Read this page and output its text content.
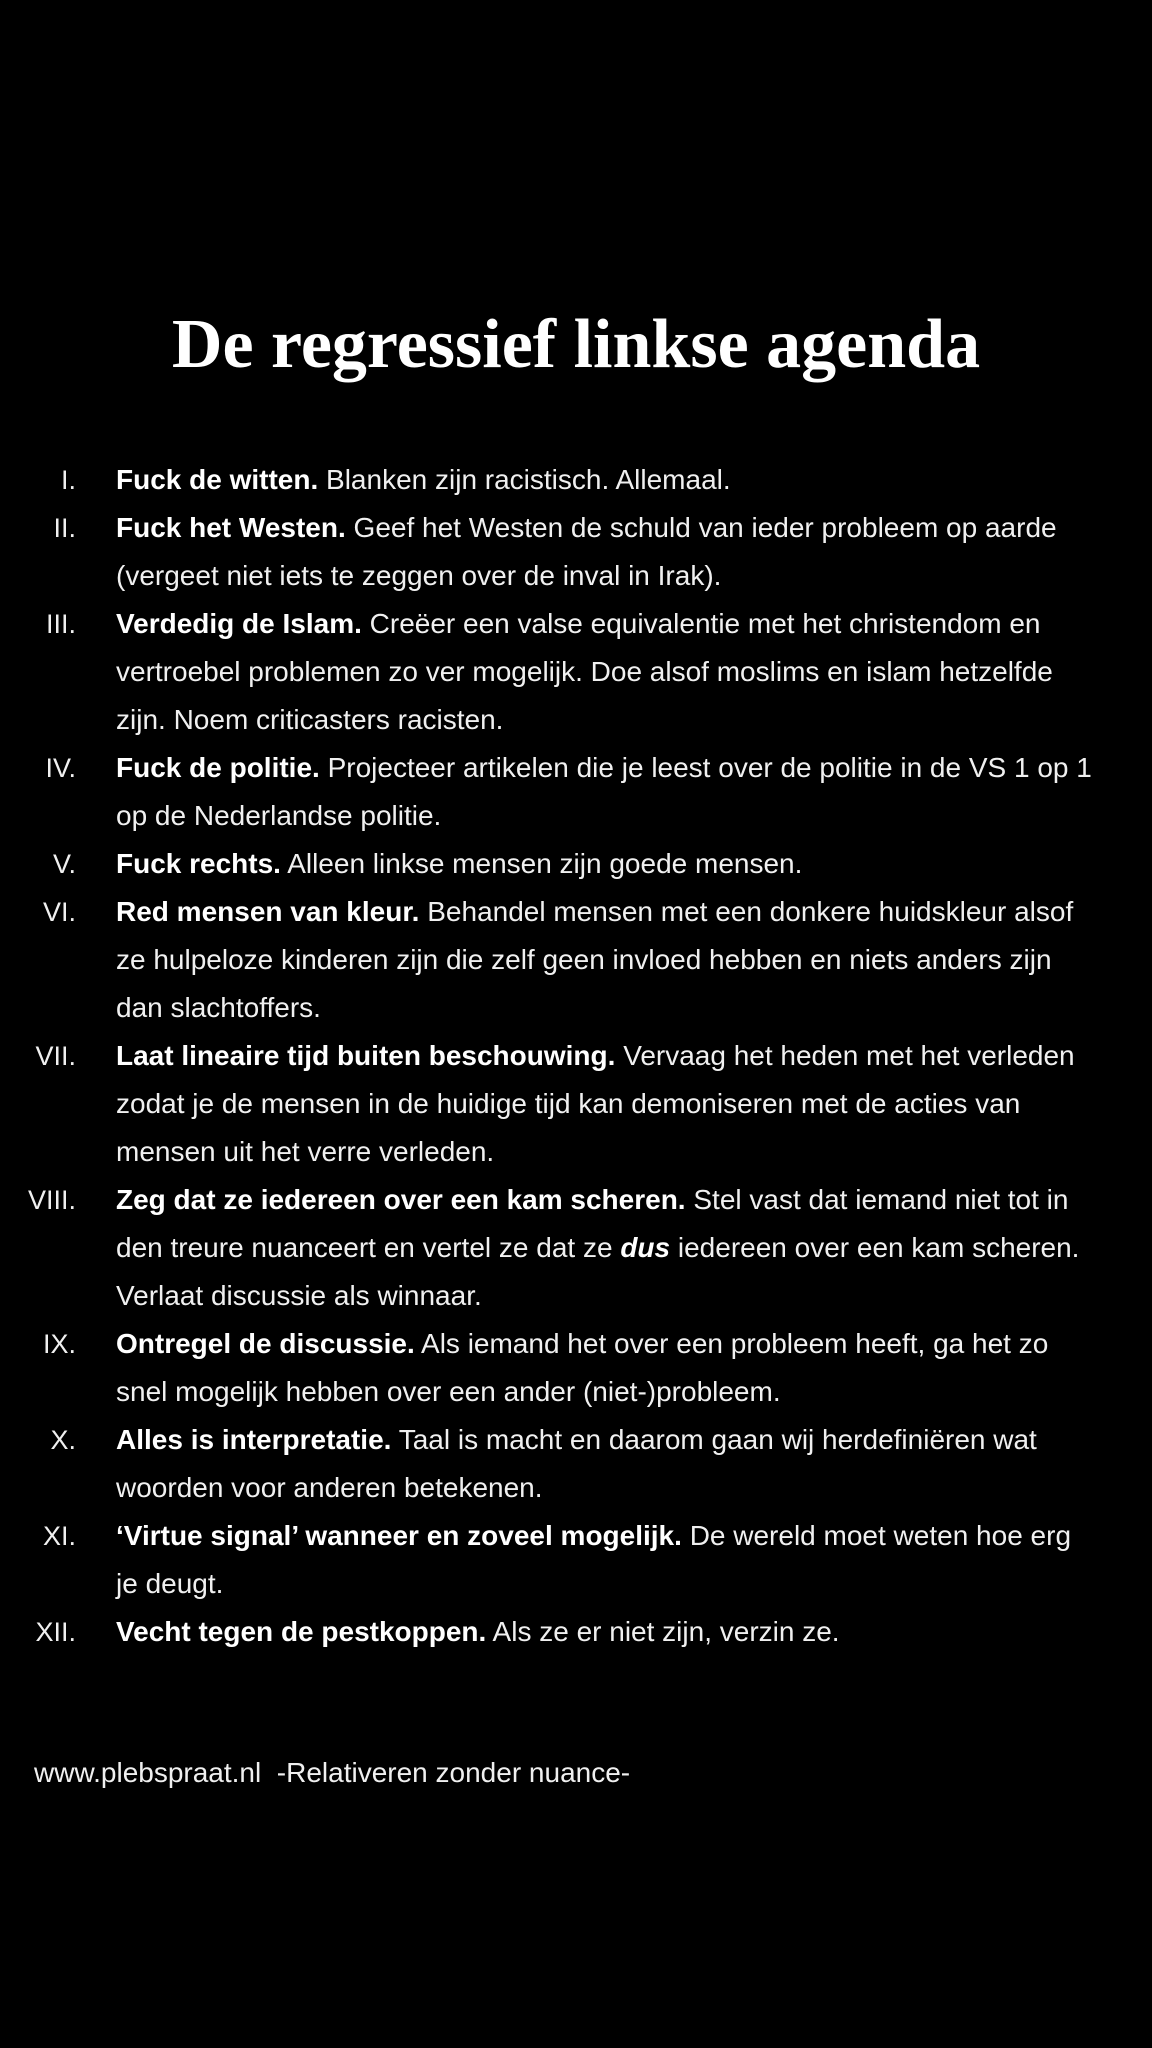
De regressief linkse agenda
I. Fuck de witten. Blanken zijn racistisch. Allemaal.
II. Fuck het Westen. Geef het Westen de schuld van ieder probleem op aarde (vergeet niet iets te zeggen over de inval in Irak).
III. Verdedig de Islam. Creëer een valse equivalentie met het christendom en vertroebel problemen zo ver mogelijk. Doe alsof moslims en islam hetzelfde zijn. Noem criticasters racisten.
IV. Fuck de politie. Projecteer artikelen die je leest over de politie in de VS 1 op 1 op de Nederlandse politie.
V. Fuck rechts. Alleen linkse mensen zijn goede mensen.
VI. Red mensen van kleur. Behandel mensen met een donkere huidskleur alsof ze hulpeloze kinderen zijn die zelf geen invloed hebben en niets anders zijn dan slachtoffers.
VII. Laat lineaire tijd buiten beschouwing. Vervaag het heden met het verleden zodat je de mensen in de huidige tijd kan demoniseren met de acties van mensen uit het verre verleden.
VIII. Zeg dat ze iedereen over een kam scheren. Stel vast dat iemand niet tot in den treure nuanceert en vertel ze dat ze dus iedereen over een kam scheren. Verlaat discussie als winnaar.
IX. Ontregel de discussie. Als iemand het over een probleem heeft, ga het zo snel mogelijk hebben over een ander (niet-)probleem.
X. Alles is interpretatie. Taal is macht en daarom gaan wij herdefiniëren wat woorden voor anderen betekenen.
XI. ‘Virtue signal’ wanneer en zoveel mogelijk. De wereld moet weten hoe erg je deugt.
XII. Vecht tegen de pestkoppen. Als ze er niet zijn, verzin ze.
www.plebspraat.nl -Relativeren zonder nuance-
